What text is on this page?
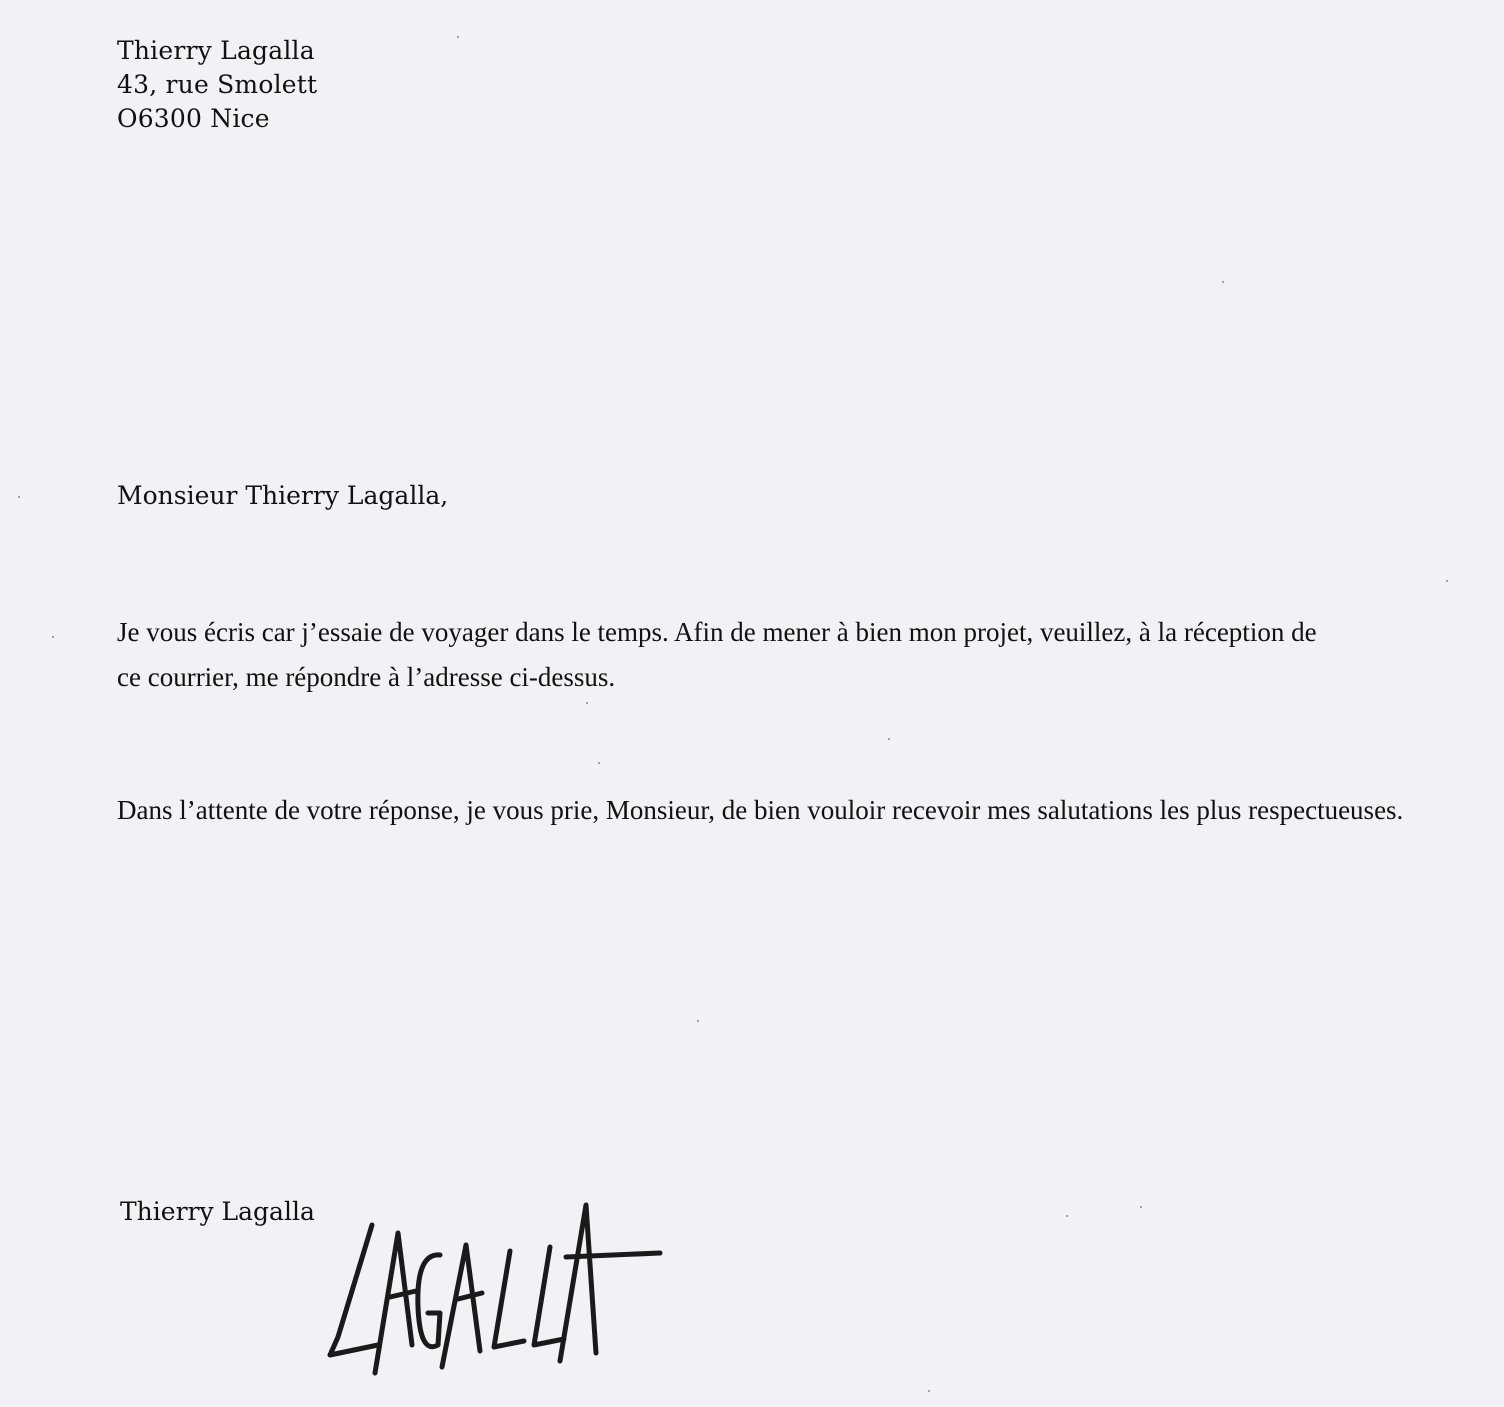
Thierry Lagalla
43, rue Smolett
O6300 Nice
Monsieur Thierry Lagalla,
Je vous écris car j’essaie de voyager dans le temps. Afin de mener à bien mon projet, veuillez, à la réception de ce courrier, me répondre à l’adresse ci-dessus.
Dans l’attente de votre réponse, je vous prie, Monsieur, de bien vouloir recevoir mes salutations les plus respectueuses.
Thierry Lagalla
